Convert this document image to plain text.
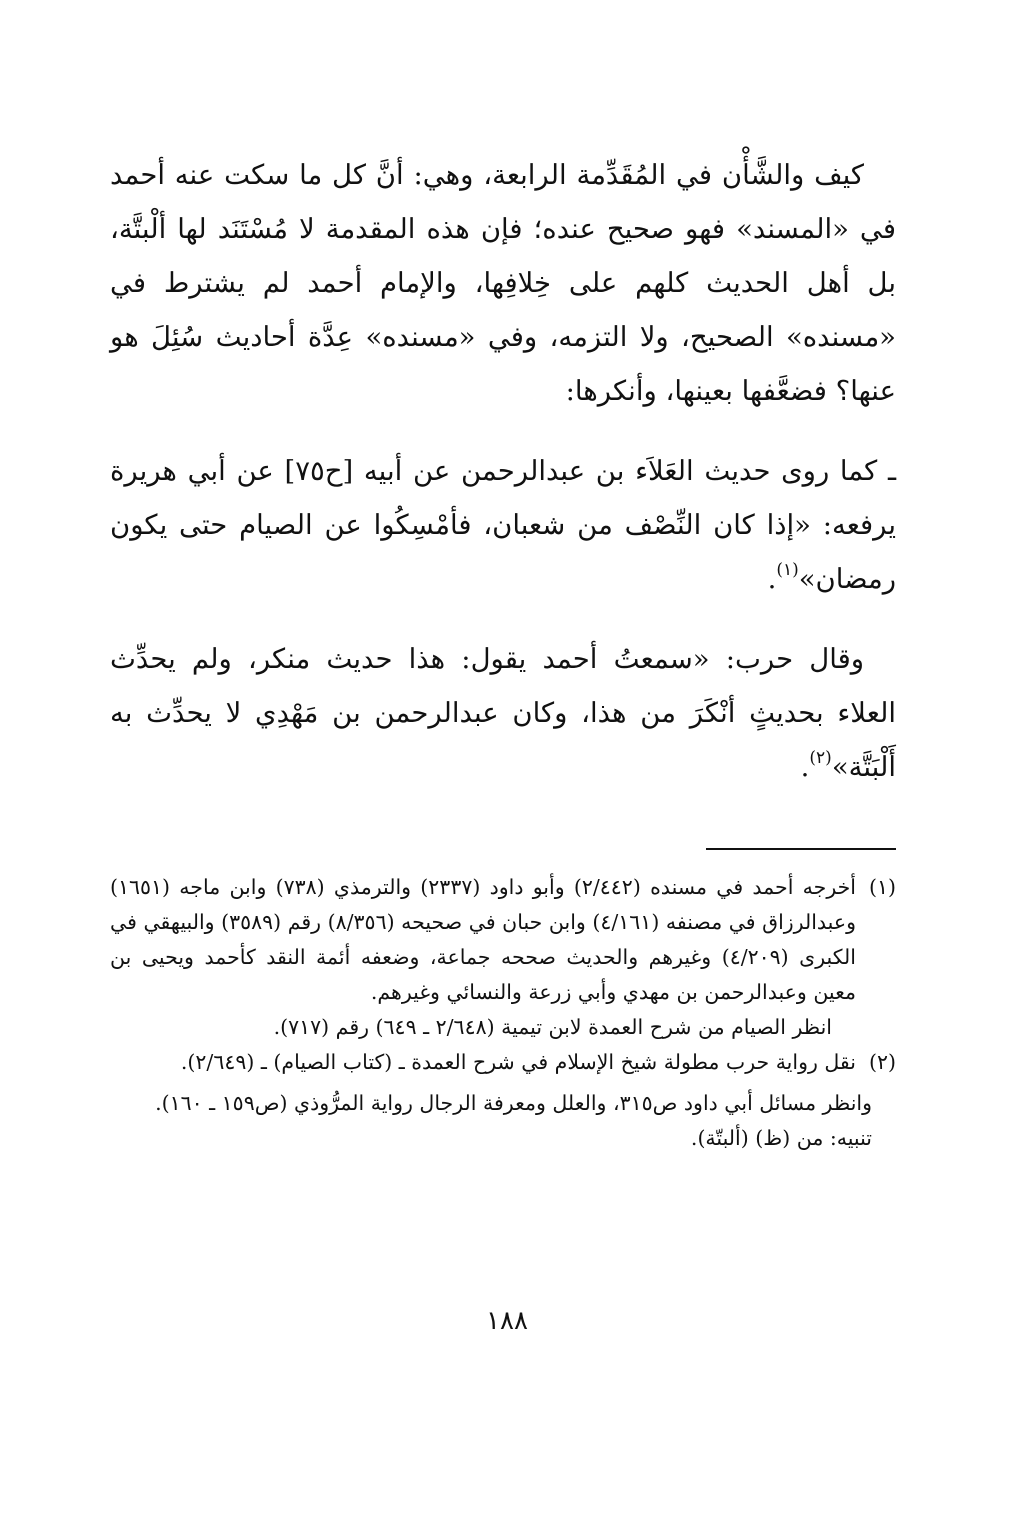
كيف والشَّأْن في المُقَدِّمة الرابعة، وهي: أنَّ كل ما سكت عنه أحمد في «المسند» فهو صحيح عنده؛ فإن هذه المقدمة لا مُسْتَنَد لها ألْبتَّة، بل أهل الحديث كلهم على خِلافِها، والإمام أحمد لم يشترط في «مسنده» الصحيح، ولا التزمه، وفي «مسنده» عِدَّة أحاديث سُئِلَ هو عنها؟ فضعَّفها بعينها، وأنكرها:

ـ كما روى حديث العَلاَء بن عبدالرحمن عن أبيه [ح٧٥] عن أبي هريرة يرفعه: «إذا كان النِّصْف من شعبان، فأمْسِكُوا عن الصيام حتى يكون رمضان»$^{(١)}$.

وقال حرب: «سمعتُ أحمد يقول: هذا حديث منكر، ولم يحدِّث العلاء بحديثٍ أنْكَرَ من هذا، وكان عبدالرحمن بن مَهْدِي لا يحدِّث به أَلْبَتَّة»$^{(٢)}$.

(١)

أخرجه أحمد في مسنده (٢/٤٤٢) وأبو داود (٢٣٣٧) والترمذي (٧٣٨) وابن ماجه (١٦٥١) وعبدالرزاق في مصنفه (٤/١٦١) وابن حبان في صحيحه (٨/٣٥٦) رقم (٣٥٨٩) والبيهقي في الكبرى (٤/٢٠٩) وغيرهم والحديث صححه جماعة، وضعفه أئمة النقد كأحمد ويحيى بن معين وعبدالرحمن بن مهدي وأبي زرعة والنسائي وغيرهم.

انظر الصيام من شرح العمدة لابن تيمية (٢/٦٤٨ ـ ٦٤٩) رقم (٧١٧).

(٢)

نقل رواية حرب مطولة شيخ الإسلام في شرح العمدة ـ (كتاب الصيام) ـ (٢/٦٤٩).

وانظر مسائل أبي داود ص٣١٥، والعلل ومعرفة الرجال رواية المرُّوذي (ص١٥٩ ـ ١٦٠).

تنبيه: من (ظ) (ألبتّة).

١٨٨
